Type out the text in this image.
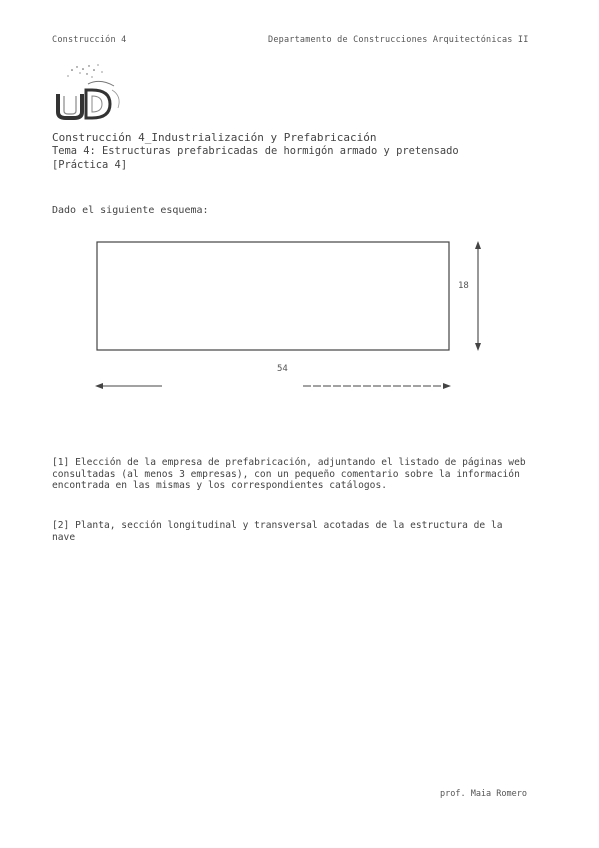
Construcción 4	Departamento de Construcciones Arquitectónicas II
Construcción 4_Industrialización y Prefabricación
Tema 4: Estructuras prefabricadas de hormigón armado y pretensado
[Práctica 4]
Dado el siguiente esquema:
18
54
[1] Elección de la empresa de prefabricación, adjuntando el listado de páginas web consultadas (al menos 3 empresas), con un pequeño comentario sobre la información encontrada en las mismas y los correspondientes catálogos.
[2] Planta, sección longitudinal y transversal acotadas de la estructura de la nave
prof. Maia Romero
